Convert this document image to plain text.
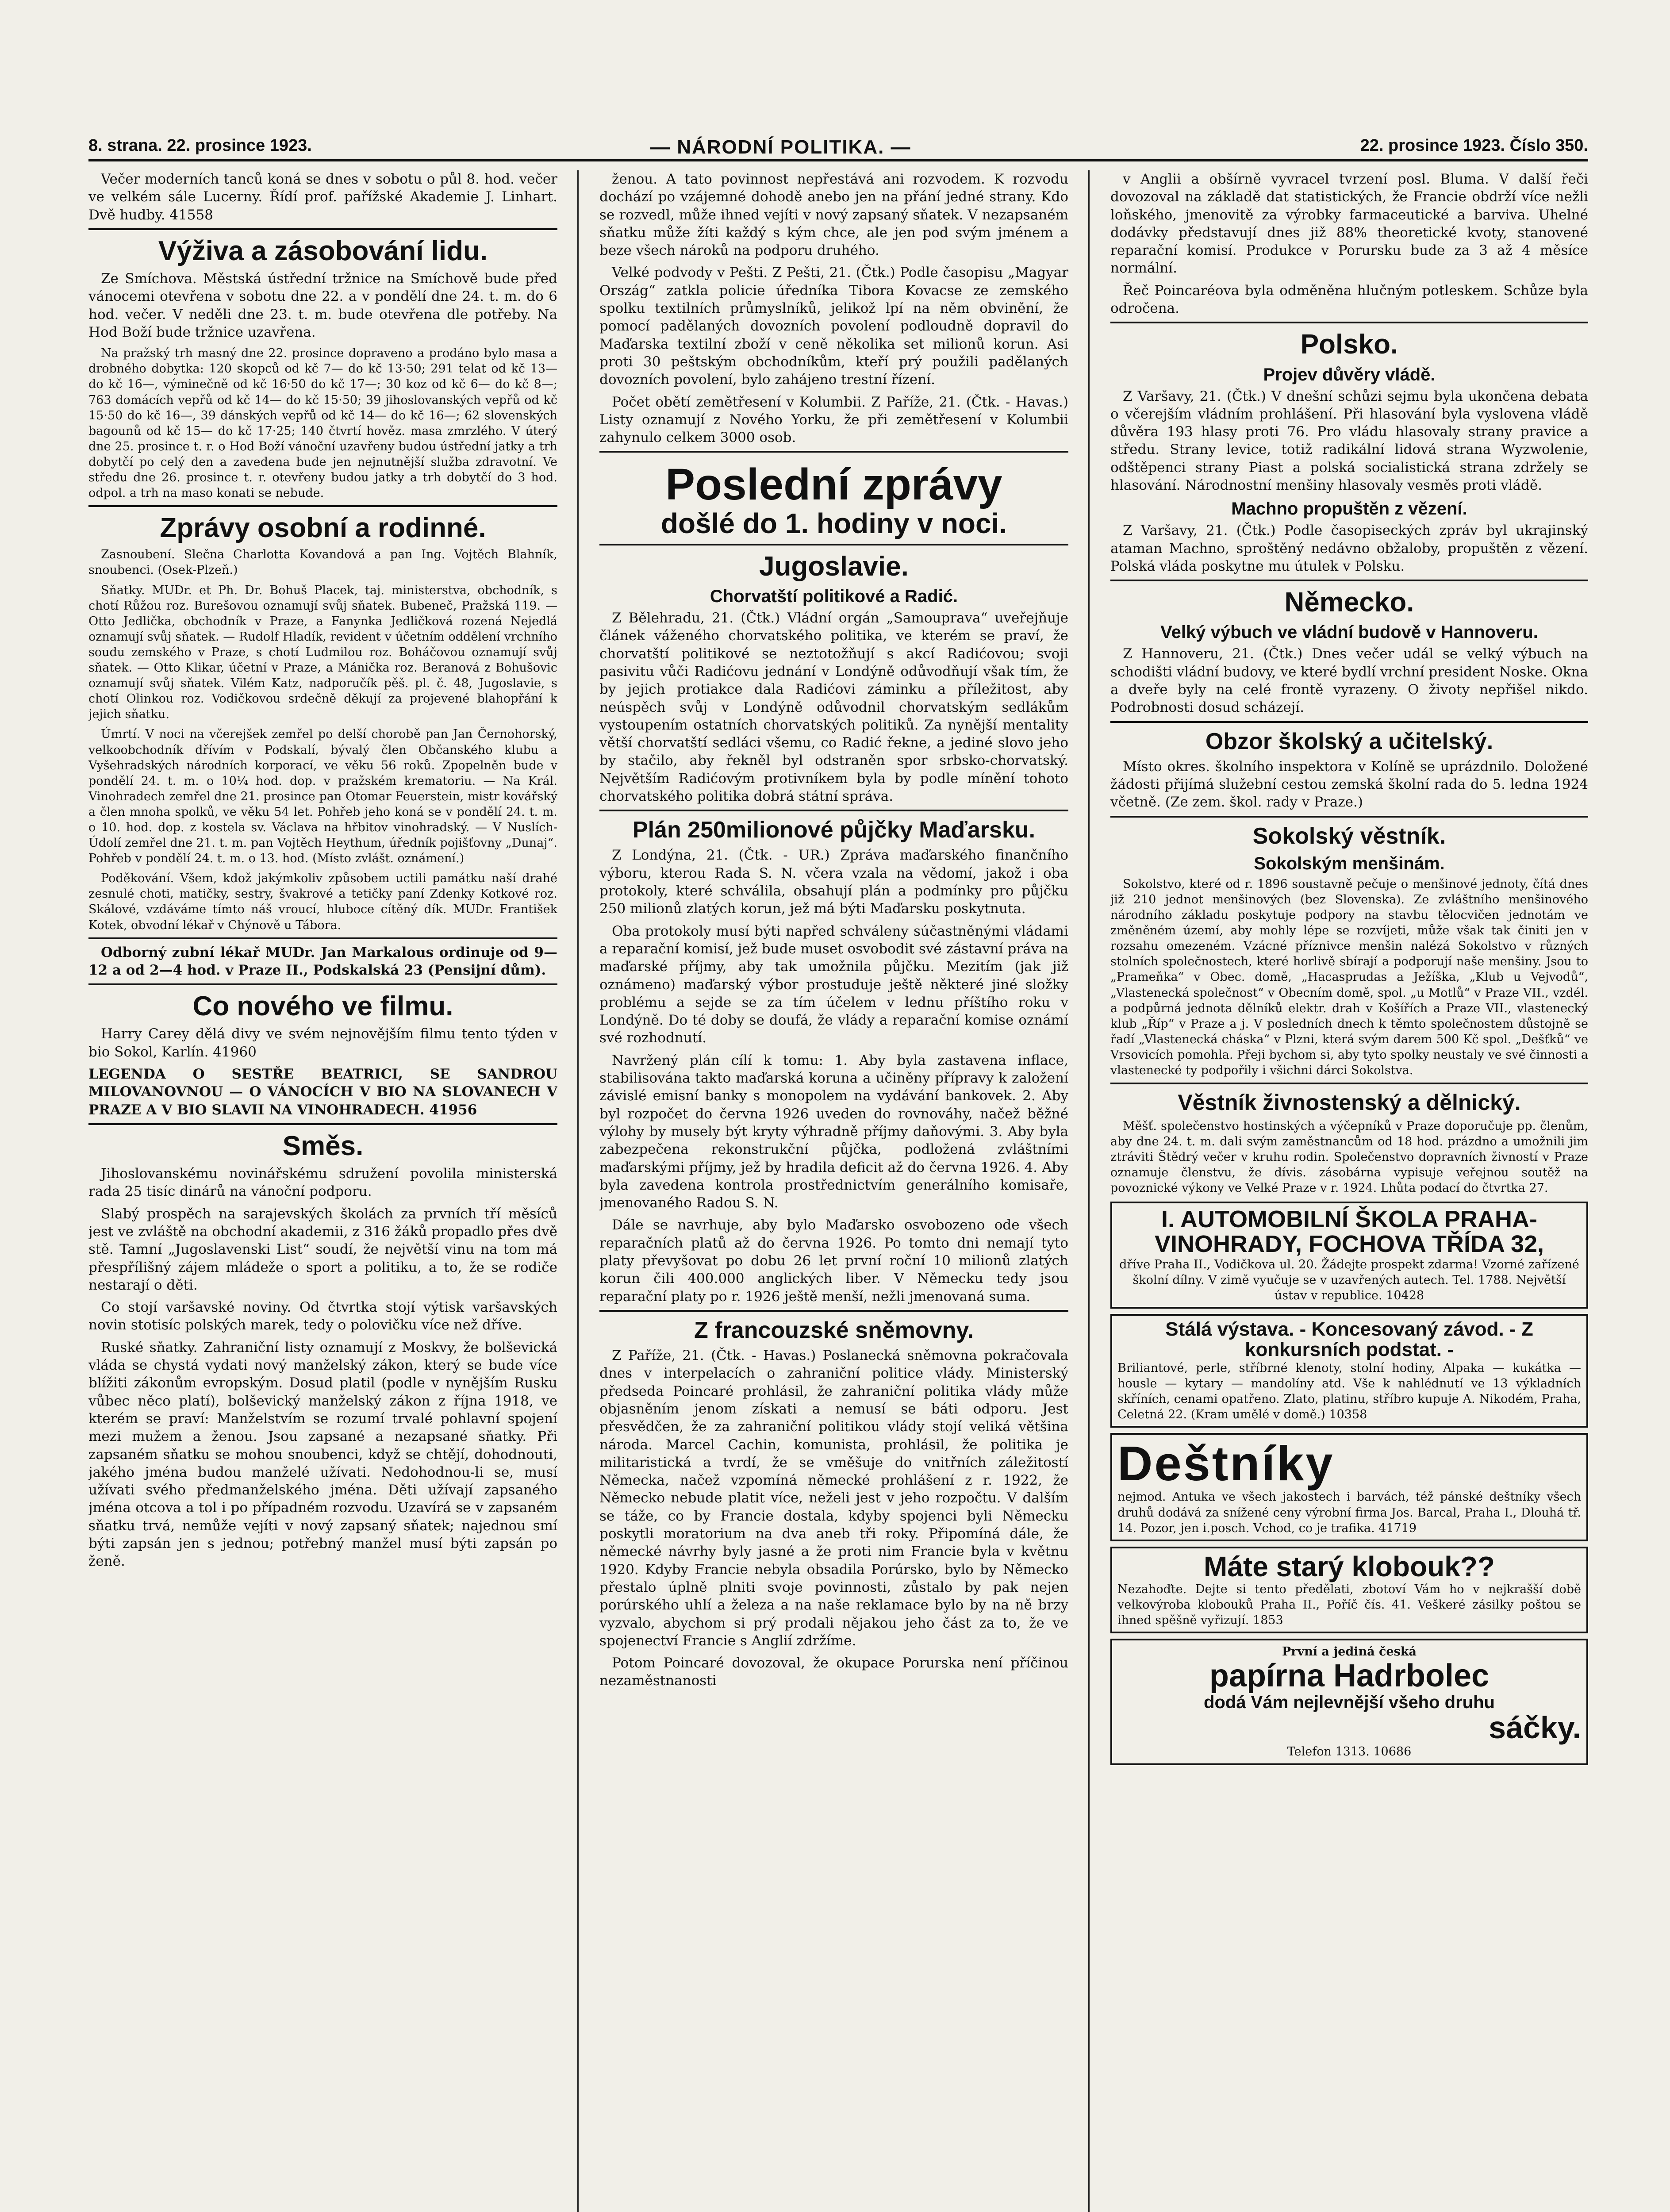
8. strana. 22. prosince 1923.	— NÁRODNÍ POLITIKA. —	22. prosince 1923. Číslo 350.

Večer moderních tanců koná se dnes v sobotu o půl 8. hod. večer ve velkém sále Lucerny. Řídí prof. pařížské Akademie J. Linhart. Dvě hudby. 41558

Výživa a zásobování lidu.

Ze Smíchova. Městská ústřední tržnice na Smíchově bude před vánocemi otevřena v sobotu dne 22. a v pondělí dne 24. t. m. do 6 hod. večer. V neděli dne 23. t. m. bude otevřena dle potřeby. Na Hod Boží bude tržnice uzavřena.

Na pražský trh masný dne 22. prosince dopraveno a prodáno bylo masa a drobného dobytka: 120 skopců od kč 7— do kč 13·50; 291 telat od kč 13— do kč 16—, výminečně od kč 16·50 do kč 17—; 30 koz od kč 6— do kč 8—; 763 domácích vepřů od kč 14— do kč 15·50; 39 jihoslovanských vepřů od kč 15·50 do kč 16—, 39 dánských vepřů od kč 14— do kč 16—; 62 slovenských bagounů od kč 15— do kč 17·25; 140 čtvrtí hověz. masa zmrzlého. V úterý dne 25. prosince t. r. o Hod Boží vánoční uzavřeny budou ústřední jatky a trh dobytčí po celý den a zavedena bude jen nejnutnější služba zdravotní. Ve středu dne 26. prosince t. r. otevřeny budou jatky a trh dobytčí do 3 hod. odpol. a trh na maso konati se nebude.

Zprávy osobní a rodinné.

Zasnoubení. Slečna Charlotta Kovandová a pan Ing. Vojtěch Blahník, snoubenci. (Osek-Plzeň.)

Sňatky. MUDr. et Ph. Dr. Bohuš Placek, taj. ministerstva, obchodník, s chotí Růžou roz. Burešovou oznamují svůj sňatek. Bubeneč, Pražská 119. — Otto Jedlička, obchodník v Praze, a Fanynka Jedličková rozená Nejedlá oznamují svůj sňatek. — Rudolf Hladík, revident v účetním oddělení vrchního soudu zemského v Praze, s chotí Ludmilou roz. Boháčovou oznamují svůj sňatek. — Otto Klikar, účetní v Praze, a Mánička roz. Beranová z Bohušovic oznamují svůj sňatek. Vilém Katz, nadporučík pěš. pl. č. 48, Jugoslavie, s chotí Olinkou roz. Vodičkovou srdečně děkují za projevené blahopřání k jejich sňatku.

Úmrtí. V noci na včerejšek zemřel po delší chorobě pan Jan Černohorský, velkoobchodník dřívím v Podskalí, bývalý člen Občanského klubu a Vyšehradských národních korporací, ve věku 56 roků. Zpopelněn bude v pondělí 24. t. m. o 10¼ hod. dop. v pražském krematoriu. — Na Král. Vinohradech zemřel dne 21. prosince pan Otomar Feuerstein, mistr kovářský a člen mnoha spolků, ve věku 54 let. Pohřeb jeho koná se v pondělí 24. t. m. o 10. hod. dop. z kostela sv. Václava na hřbitov vinohradský. — V Nuslích-Údolí zemřel dne 21. t. m. pan Vojtěch Heythum, úředník pojišťovny „Dunaj“. Pohřeb v pondělí 24. t. m. o 13. hod. (Místo zvlášt. oznámení.)

Poděkování. Všem, kdož jakýmkoliv způsobem uctili památku naší drahé zesnulé choti, matičky, sestry, švakrové a tetičky paní Zdenky Kotkové roz. Skálové, vzdáváme tímto náš vroucí, hluboce cítěný dík. MUDr. František Kotek, obvodní lékař v Chýnově u Tábora.

Odborný zubní lékař MUDr. Jan Markalous ordinuje od 9—12 a od 2—4 hod. v Praze II., Podskalská 23 (Pensijní dům).

Co nového ve filmu.

Harry Carey dělá divy ve svém nejnovějším filmu tento týden v bio Sokol, Karlín. 41960

LEGENDA O SESTŘE BEATRICI, SE SANDROU MILOVANOVNOU — O VÁNOCÍCH V BIO NA SLOVANECH V PRAZE A V BIO SLAVII NA VINOHRADECH. 41956

Směs.

Jihoslovanskému novinářskému sdružení povolila ministerská rada 25 tisíc dinárů na vánoční podporu.

Slabý prospěch na sarajevských školách za prvních tří měsíců jest ve zvláště na obchodní akademii, z 316 žáků propadlo přes dvě stě. Tamní „Jugoslavenski List“ soudí, že největší vinu na tom má přespřílišný zájem mládeže o sport a politiku, a to, že se rodiče nestarají o děti.

Co stojí varšavské noviny. Od čtvrtka stojí výtisk varšavských novin stotisíc polských marek, tedy o polovičku více než dříve.

Ruské sňatky. Zahraniční listy oznamují z Moskvy, že bolševická vláda se chystá vydati nový manželský zákon, který se bude více blížiti zákonům evropským. Dosud platil (podle v nynějším Rusku vůbec něco platí), bolševický manželský zákon z října 1918, ve kterém se praví: Manželstvím se rozumí trvalé pohlavní spojení mezi mužem a ženou. Jsou zapsané a nezapsané sňatky. Při zapsaném sňatku se mohou snoubenci, když se chtějí, dohodnouti, jakého jména budou manželé užívati. Nedohodnou-li se, musí užívati svého předmanželského jména. Děti užívají zapsaného jména otcova a tol i po případném rozvodu. Uzavírá se v zapsaném sňatku trvá, nemůže vejíti v nový zapsaný sňatek; najednou smí býti zapsán jen s jednou; potřebný manžel musí býti zapsán po ženě.

ženou. A tato povinnost nepřestává ani rozvodem. K rozvodu dochází po vzájemné dohodě anebo jen na přání jedné strany. Kdo se rozvedl, může ihned vejíti v nový zapsaný sňatek. V nezapsaném sňatku může žíti každý s kým chce, ale jen pod svým jménem a beze všech nároků na podporu druhého.

Velké podvody v Pešti. Z Pešti, 21. (Čtk.) Podle časopisu „Magyar Ország“ zatkla policie úředníka Tibora Kovacse ze zemského spolku textilních průmyslníků, jelikož lpí na něm obvinění, že pomocí padělaných dovozních povolení podloudně dopravil do Maďarska textilní zboží v ceně několika set milionů korun. Asi proti 30 peštským obchodníkům, kteří prý použili padělaných dovozních povolení, bylo zahájeno trestní řízení.

Počet obětí zemětřesení v Kolumbii. Z Paříže, 21. (Čtk. - Havas.) Listy oznamují z Nového Yorku, že při zemětřesení v Kolumbii zahynulo celkem 3000 osob.

Poslední zprávy
došlé do 1. hodiny v noci.
Jugoslavie.
Chorvatští politikové a Radić.

Z Bělehradu, 21. (Čtk.) Vládní orgán „Samouprava“ uveřejňuje článek váženého chorvatského politika, ve kterém se praví, že chorvatští politikové se neztotožňují s akcí Radićovou; svoji pasivitu vůči Radićovu jednání v Londýně odůvodňují však tím, že by jejich protiakce dala Radićovi záminku a příležitost, aby neúspěch svůj v Londýně odůvodnil chorvatským sedlákům vystoupením ostatních chorvatských politiků. Za nynější mentality větší chorvatští sedláci všemu, co Radić řekne, a jediné slovo jeho by stačilo, aby řekněl byl odstraněn spor srbsko-chorvatský. Největším Radićovým protivníkem byla by podle mínění tohoto chorvatského politika dobrá státní správa.

Plán 250milionové půjčky Maďarsku.

Z Londýna, 21. (Čtk. - UR.) Zpráva maďarského finančního výboru, kterou Rada S. N. včera vzala na vědomí, jakož i oba protokoly, které schválila, obsahují plán a podmínky pro půjčku 250 milionů zlatých korun, jež má býti Maďarsku poskytnuta.

Oba protokoly musí býti napřed schváleny súčastněnými vládami a reparační komisí, jež bude muset osvobodit své zástavní práva na maďarské příjmy, aby tak umožnila půjčku. Mezitím (jak již oznámeno) maďarský výbor prostuduje ještě některé jiné složky problému a sejde se za tím účelem v lednu příštího roku v Londýně. Do té doby se doufá, že vlády a reparační komise oznámí své rozhodnutí.

Navržený plán cílí k tomu: 1. Aby byla zastavena inflace, stabilisována takto maďarská koruna a učiněny přípravy k založení závislé emisní banky s monopolem na vydávání bankovek. 2. Aby byl rozpočet do června 1926 uveden do rovnováhy, načež běžné výlohy by musely být kryty výhradně příjmy daňovými. 3. Aby byla zabezpečena rekonstrukční půjčka, podložená zvláštními maďarskými příjmy, jež by hradila deficit až do června 1926. 4. Aby byla zavedena kontrola prostřednictvím generálního komisaře, jmenovaného Radou S. N.

Dále se navrhuje, aby bylo Maďarsko osvobozeno ode všech reparačních platů až do června 1926. Po tomto dni nemají tyto platy převyšovat po dobu 26 let první roční 10 milionů zlatých korun čili 400.000 anglických liber. V Německu tedy jsou reparační platy po r. 1926 ještě menší, nežli jmenovaná suma.

Z francouzské sněmovny.

Z Paříže, 21. (Čtk. - Havas.) Poslanecká sněmovna pokračovala dnes v interpelacích o zahraniční politice vlády. Ministerský předseda Poincaré prohlásil, že zahraniční politika vlády může objasněním jenom získati a nemusí se báti odporu. Jest přesvědčen, že za zahraniční politikou vlády stojí veliká většina národa. Marcel Cachin, komunista, prohlásil, že politika je militaristická a tvrdí, že se vměšuje do vnitřních záležitostí Německa, načež vzpomíná německé prohlášení z r. 1922, že Německo nebude platit více, neželi jest v jeho rozpočtu. V dalším se táže, co by Francie dostala, kdyby spojenci byli Německu poskytli moratorium na dva aneb tři roky. Připomíná dále, že německé návrhy byly jasné a že proti nim Francie byla v květnu 1920. Kdyby Francie nebyla obsadila Porúrsko, bylo by Německo přestalo úplně plniti svoje povinnosti, zůstalo by pak nejen porúrského uhlí a železa a na naše reklamace bylo by na ně brzy vyzvalo, abychom si prý prodali nějakou jeho část za to, že ve spojenectví Francie s Anglií zdržíme.

Potom Poincaré dovozoval, že okupace Porurska není příčinou nezaměstnanosti

v Anglii a obšírně vyvracel tvrzení posl. Bluma. V další řeči dovozoval na základě dat statistických, že Francie obdrží více nežli loňského, jmenovitě za výrobky farmaceutické a barviva. Uhelné dodávky představují dnes již 88% theoretické kvoty, stanovené reparační komisí. Produkce v Porursku bude za 3 až 4 měsíce normální.

Řeč Poincaréova byla odměněna hlučným potleskem. Schůze byla odročena.

Polsko.
Projev důvěry vládě.

Z Varšavy, 21. (Čtk.) V dnešní schůzi sejmu byla ukončena debata o včerejším vládním prohlášení. Při hlasování byla vyslovena vládě důvěra 193 hlasy proti 76. Pro vládu hlasovaly strany pravice a středu. Strany levice, totiž radikální lidová strana Wyzwolenie, odštěpenci strany Piast a polská socialistická strana zdržely se hlasování. Národnostní menšiny hlasovaly vesměs proti vládě.

Machno propuštěn z vězení.

Z Varšavy, 21. (Čtk.) Podle časopiseckých zpráv byl ukrajinský ataman Machno, sproštěný nedávno obžaloby, propuštěn z vězení. Polská vláda poskytne mu útulek v Polsku.

Německo.
Velký výbuch ve vládní budově v Hannoveru.

Z Hannoveru, 21. (Čtk.) Dnes večer udál se velký výbuch na schodišti vládní budovy, ve které bydlí vrchní president Noske. Okna a dveře byly na celé frontě vyrazeny. O životy nepřišel nikdo. Podrobnosti dosud scházejí.

Obzor školský a učitelský.

Místo okres. školního inspektora v Kolíně se uprázdnilo. Doložené žádosti přijímá služební cestou zemská školní rada do 5. ledna 1924 včetně. (Ze zem. škol. rady v Praze.)

Sokolský věstník.
Sokolským menšinám.

Sokolstvo, které od r. 1896 soustavně pečuje o menšinové jednoty, čítá dnes již 210 jednot menšinových (bez Slovenska). Ze zvláštního menšinového národního základu poskytuje podpory na stavbu tělocvičen jednotám ve změněném území, aby mohly lépe se rozvíjeti, může však tak činiti jen v rozsahu omezeném. Vzácné příznivce menšin nalézá Sokolstvo v různých stolních společnostech, které horlivě sbírají a podporují naše menšiny. Jsou to „Prameňka“ v Obec. domě, „Hacasprudas a Ježíška, „Klub u Vejvodů“, „Vlastenecká společnost“ v Obecním domě, spol. „u Motlů“ v Praze VII., vzdél. a podpůrná jednota dělníků elektr. drah v Košířích a Praze VII., vlastenecký klub „Říp“ v Praze a j. V posledních dnech k těmto společnostem důstojně se řadí „Vlastenecká cháska“ v Plzni, která svým darem 500 Kč spol. „Dešťků“ ve Vrsovicích pomohla. Přeji bychom si, aby tyto spolky neustaly ve své činnosti a vlastenecké ty podpořily i všichni dárci Sokolstva.

Věstník živnostenský a dělnický.

Měšť. společenstvo hostinských a výčepníků v Praze doporučuje pp. členům, aby dne 24. t. m. dali svým zaměstnancům od 18 hod. prázdno a umožnili jim ztráviti Štědrý večer v kruhu rodin. Společenstvo dopravních živností v Praze oznamuje členstvu, že dívis. zásobárna vypisuje veřejnou soutěž na povoznické výkony ve Velké Praze v r. 1924. Lhůta podací do čtvrtka 27.

I. AUTOMOBILNÍ ŠKOLA PRAHA-VINOHRADY, FOCHOVA TŘÍDA 32,
dříve Praha II., Vodičkova ul. 20. Žádejte prospekt zdarma! Vzorné zařízené školní dílny. V zimě vyučuje se v uzavřených autech. Tel. 1788. Největší ústav v republice. 10428
Stálá výstava. - Koncesovaný závod. - Z konkursních podstat. -
Briliantové, perle, stříbrné klenoty, stolní hodiny, Alpaka — kukátka — housle — kytary — mandolíny atd. Vše k nahlédnutí ve 13 výkladních skříních, cenami opatřeno. Zlato, platinu, stříbro kupuje A. Nikodém, Praha, Celetná 22. (Kram umělé v domě.) 10358
Deštníky
nejmod. Antuka ve všech jakostech i barvách, též pánské deštníky všech druhů dodává za snížené ceny výrobní firma Jos. Barcal, Praha I., Dlouhá tř. 14. Pozor, jen i.posch. Vchod, co je trafika. 41719
Máte starý klobouk??
Nezahoďte. Dejte si tento předělati, zbotoví Vám ho v nejkrašší době velkovýroba klobouků Praha II., Poříč čís. 41. Veškeré zásilky poštou se ihned spěšně vyřizují. 1853
První a jediná česká
papírna Hadrbolec
dodá Vám nejlevnější všeho druhu
sáčky.
Telefon 1313. 10686
